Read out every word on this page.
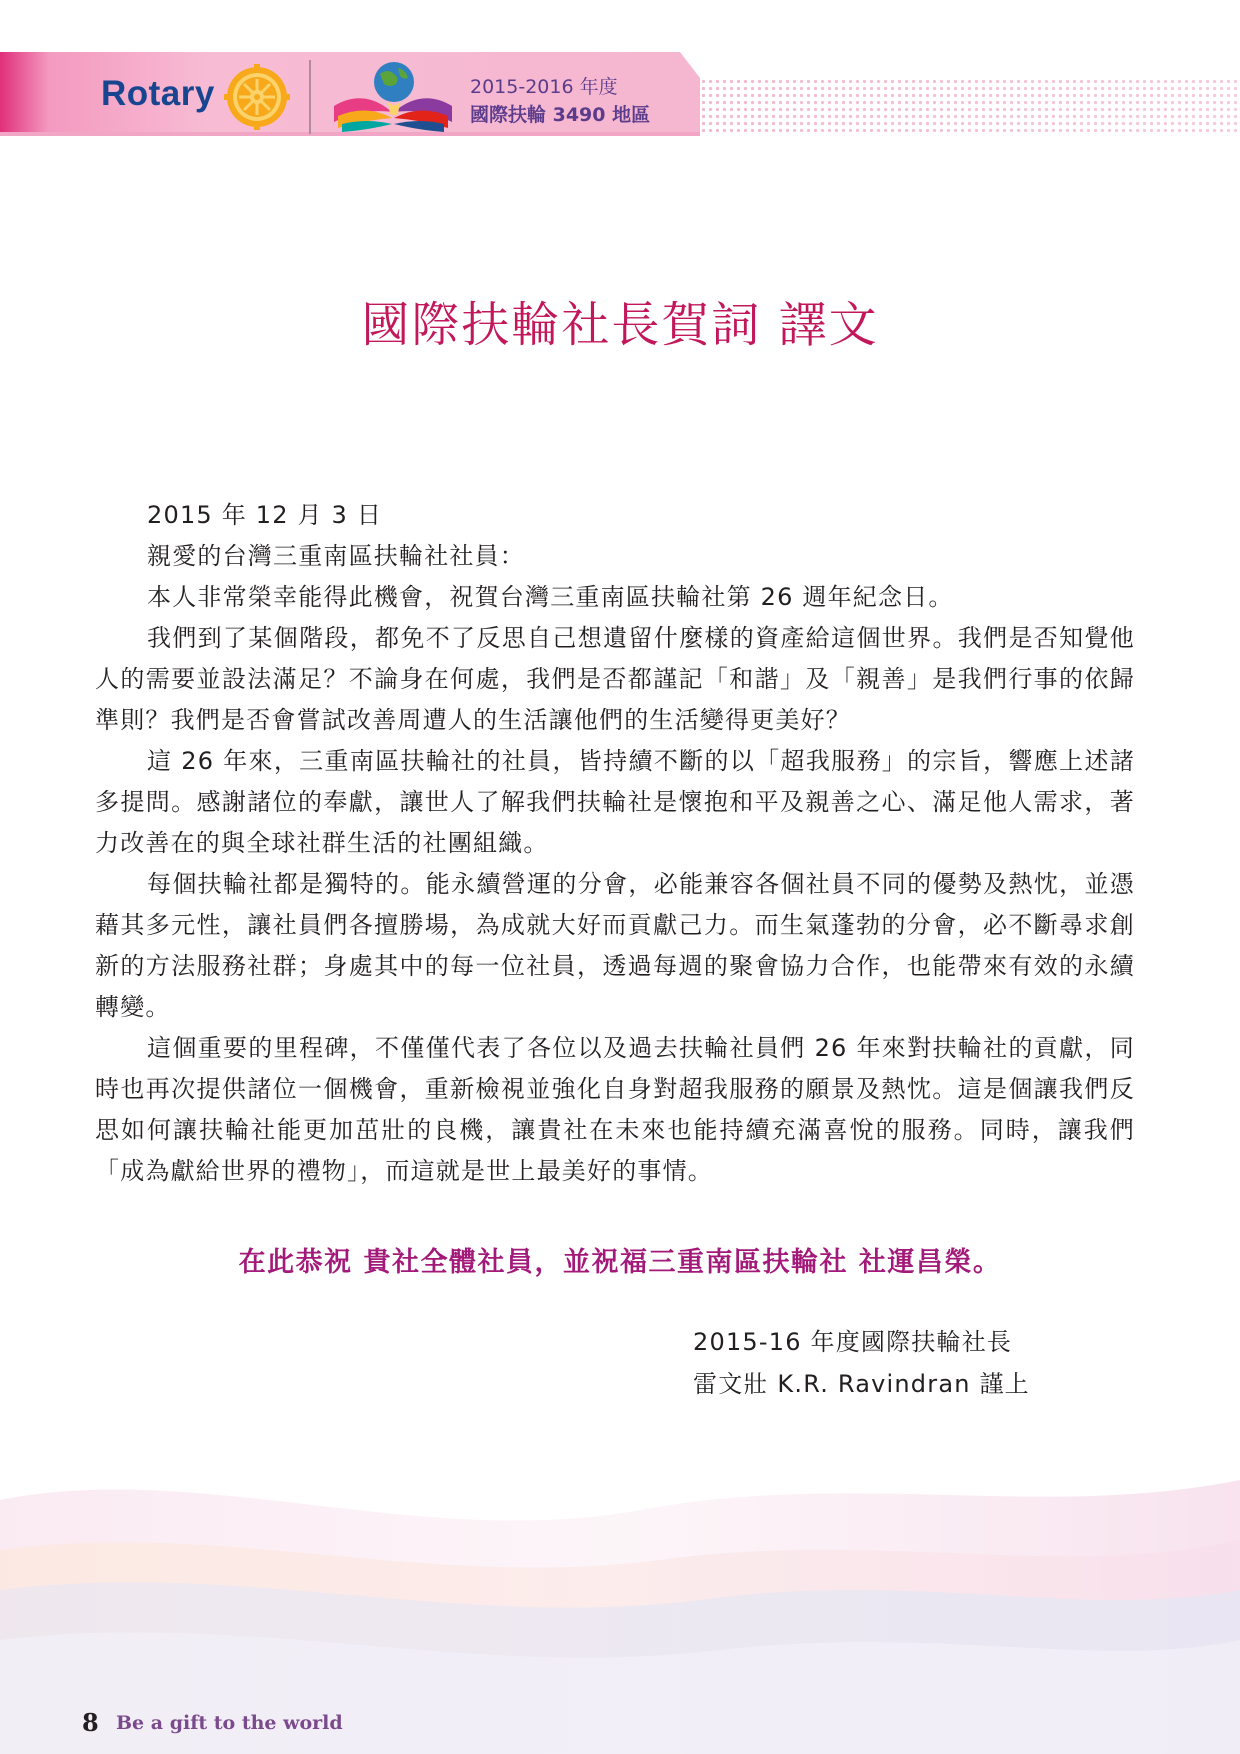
Rotary	2015-2016 年度
國際扶輪 3490 地區
國際扶輪社長賀詞 譯文

2015 年 12 月 3 日

親愛的台灣三重南區扶輪社社員：

本人非常榮幸能得此機會，祝賀台灣三重南區扶輪社第 26 週年紀念日。

我們到了某個階段，都免不了反思自己想遺留什麼樣的資產給這個世界。我們是否知覺他人的需要並設法滿足？不論身在何處，我們是否都謹記「和諧」及「親善」是我們行事的依歸準則？我們是否會嘗試改善周遭人的生活讓他們的生活變得更美好？

這 26 年來，三重南區扶輪社的社員，皆持續不斷的以「超我服務」的宗旨，響應上述諸多提問。感謝諸位的奉獻，讓世人了解我們扶輪社是懷抱和平及親善之心、滿足他人需求，著力改善在的與全球社群生活的社團組織。

每個扶輪社都是獨特的。能永續營運的分會，必能兼容各個社員不同的優勢及熱忱，並憑藉其多元性，讓社員們各擅勝場，為成就大好而貢獻己力。而生氣蓬勃的分會，必不斷尋求創新的方法服務社群；身處其中的每一位社員，透過每週的聚會協力合作，也能帶來有效的永續轉變。

這個重要的里程碑，不僅僅代表了各位以及過去扶輪社員們 26 年來對扶輪社的貢獻，同時也再次提供諸位一個機會，重新檢視並強化自身對超我服務的願景及熱忱。這是個讓我們反思如何讓扶輪社能更加茁壯的良機，讓貴社在未來也能持續充滿喜悅的服務。同時，讓我們「成為獻給世界的禮物」，而這就是世上最美好的事情。

在此恭祝 貴社全體社員，並祝福三重南區扶輪社 社運昌榮。
2015-16 年度國際扶輪社長
雷文壯 K.R. Ravindran 謹上
8 Be a gift to the world
